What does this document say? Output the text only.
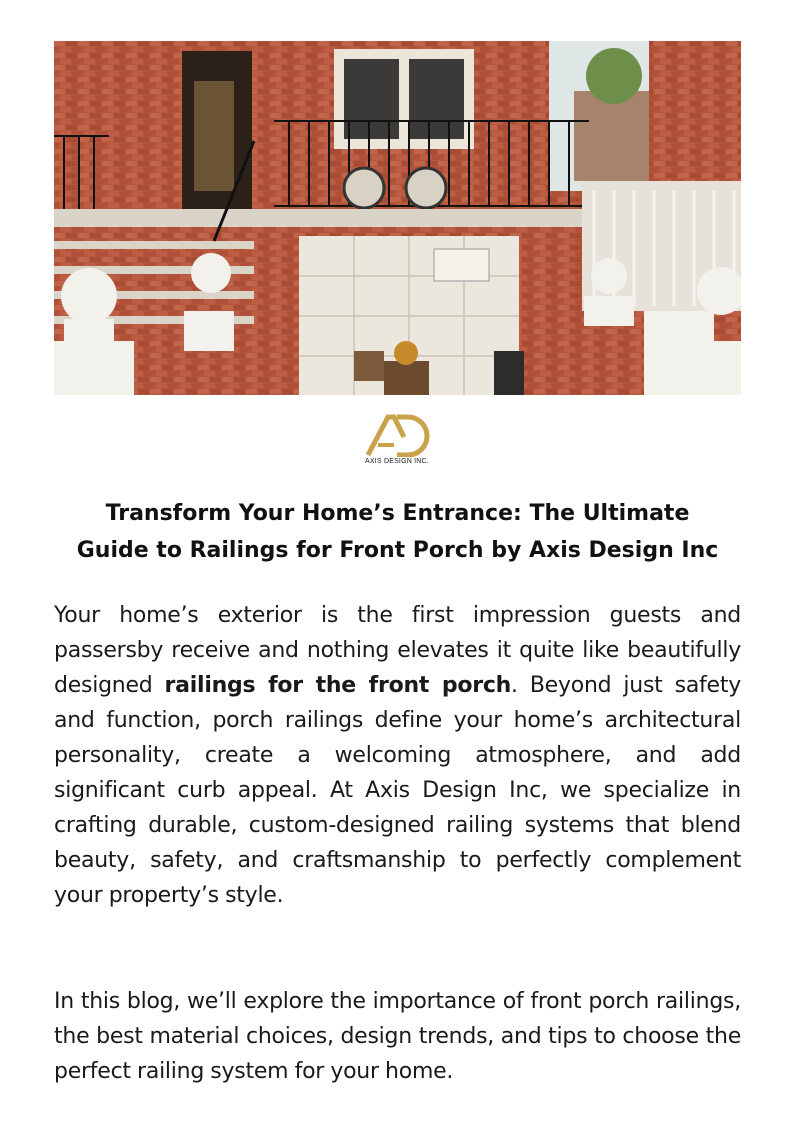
AXIS DESIGN INC.
Transform Your Home’s Entrance: The Ultimate
Guide to Railings for Front Porch by Axis Design Inc

Your home’s exterior is the first impression guests and passersby receive and nothing elevates it quite like beautifully designed railings for the front porch. Beyond just safety and function, porch railings define your home’s architectural personality, create a welcoming atmosphere, and add significant curb appeal. At Axis Design Inc, we specialize in crafting durable, custom-designed railing systems that blend beauty, safety, and craftsmanship to perfectly complement your property’s style.

In this blog, we’ll explore the importance of front porch railings, the best material choices, design trends, and tips to choose the perfect railing system for your home.
